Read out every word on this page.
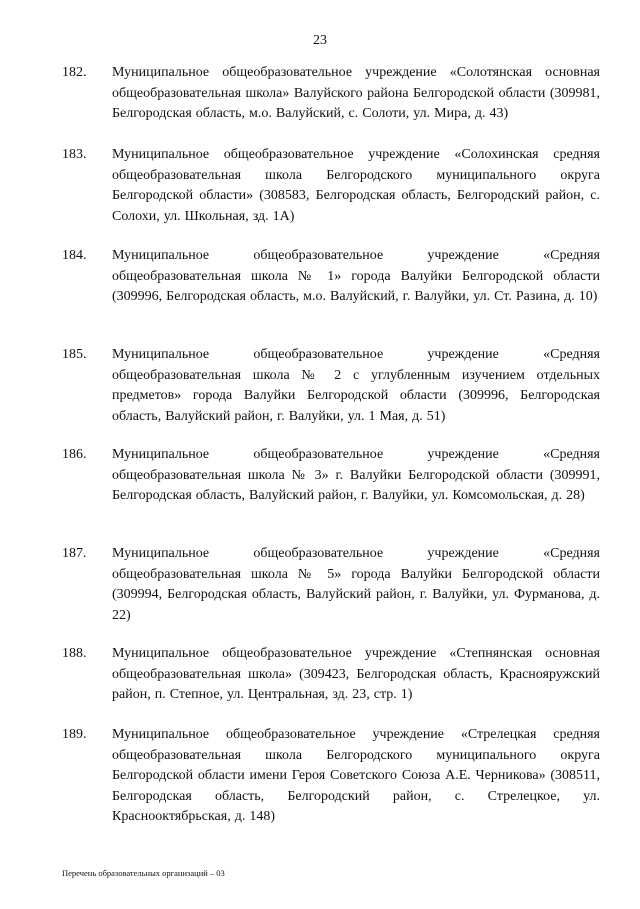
23
182.	Муниципальное общеобразовательное учреждение «Солотянская основная общеобразовательная школа» Валуйского района Белгородской области (309981, Белгородская область, м.о. Валуйский, с. Солоти, ул. Мира, д. 43)
183.	Муниципальное общеобразовательное учреждение «Солохинская средняя общеобразовательная школа Белгородского муниципального округа Белгородской области» (308583, Белгородская область, Белгородский район, с. Солохи, ул. Школьная, зд. 1А)
184.	Муниципальное общеобразовательное учреждение «Средняя общеобразовательная школа № 1» города Валуйки Белгородской области (309996, Белгородская область, м.о. Валуйский, г. Валуйки, ул. Ст. Разина, д. 10)
185.	Муниципальное общеобразовательное учреждение «Средняя общеобразовательная школа № 2 с углубленным изучением отдельных предметов» города Валуйки Белгородской области (309996, Белгородская область, Валуйский район, г. Валуйки, ул. 1 Мая, д. 51)
186.	Муниципальное общеобразовательное учреждение «Средняя общеобразовательная школа № 3» г. Валуйки Белгородской области (309991, Белгородская область, Валуйский район, г. Валуйки, ул. Комсомольская, д. 28)
187.	Муниципальное общеобразовательное учреждение «Средняя общеобразовательная школа № 5» города Валуйки Белгородской области (309994, Белгородская область, Валуйский район, г. Валуйки, ул. Фурманова, д. 22)
188.	Муниципальное общеобразовательное учреждение «Степнянская основная общеобразовательная школа» (309423, Белгородская область, Краснояружский район, п. Степное, ул. Центральная, зд. 23, стр. 1)
189.	Муниципальное общеобразовательное учреждение «Стрелецкая средняя общеобразовательная школа Белгородского муниципального округа Белгородской области имени Героя Советского Союза А.Е. Черникова» (308511, Белгородская область, Белгородский район, с. Стрелецкое, ул. Краснооктябрьская, д. 148)
Перечень образовательных организаций – 03
